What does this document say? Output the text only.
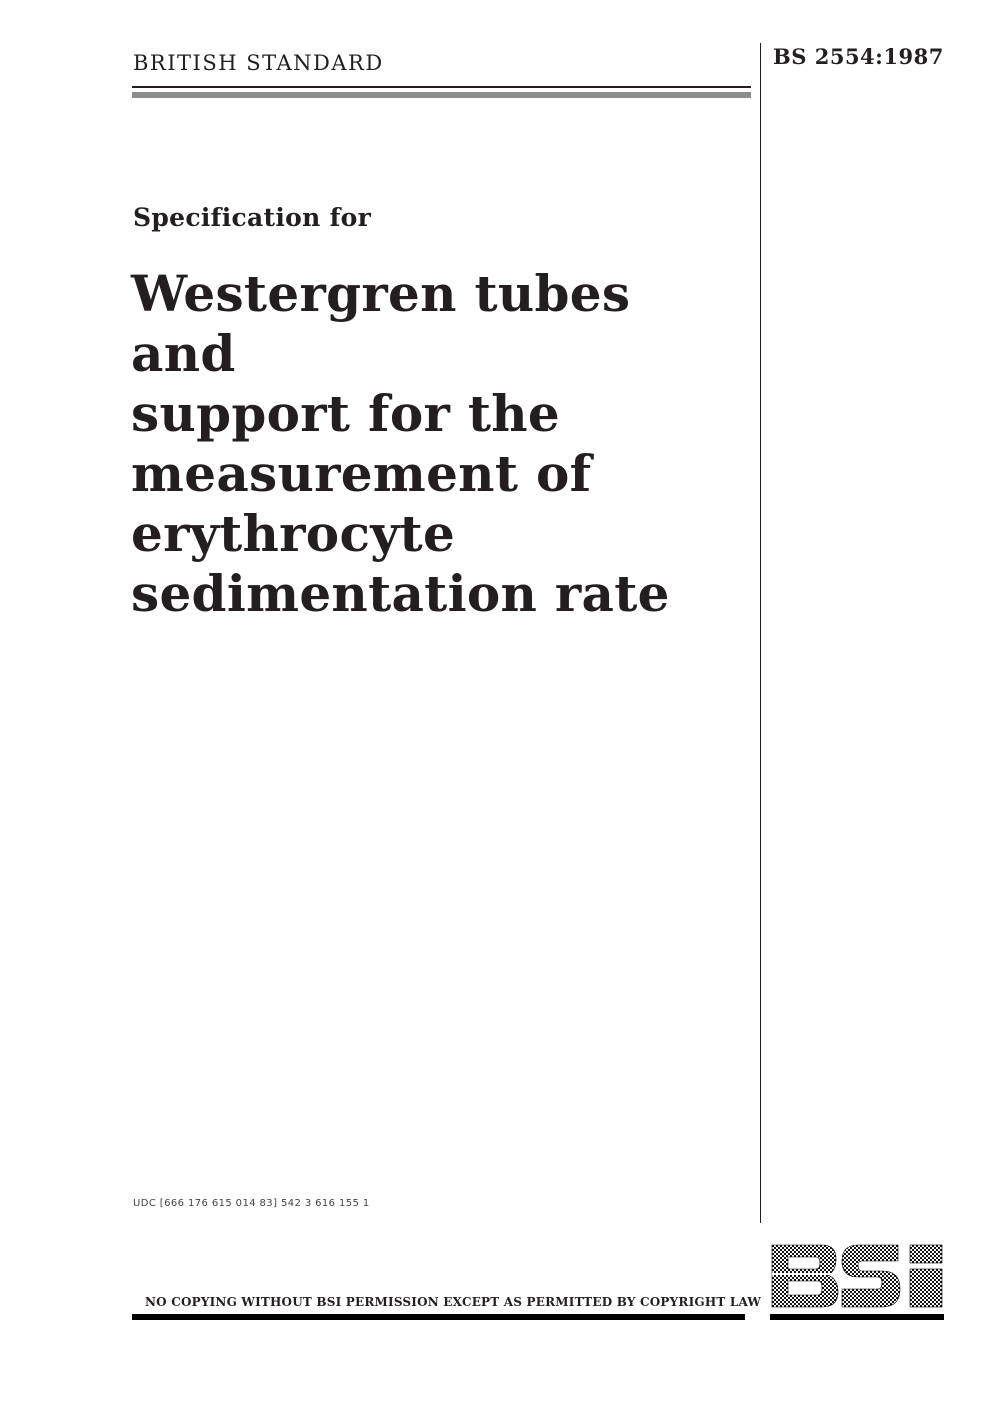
BRITISH STANDARD	BS 2554:1987
Specification for
Westergren tubes and
support for the
measurement of
erythrocyte
sedimentation rate
UDC [666 176 615 014 83] 542 3 616 155 1
NO COPYING WITHOUT BSI PERMISSION EXCEPT AS PERMITTED BY COPYRIGHT LAW
